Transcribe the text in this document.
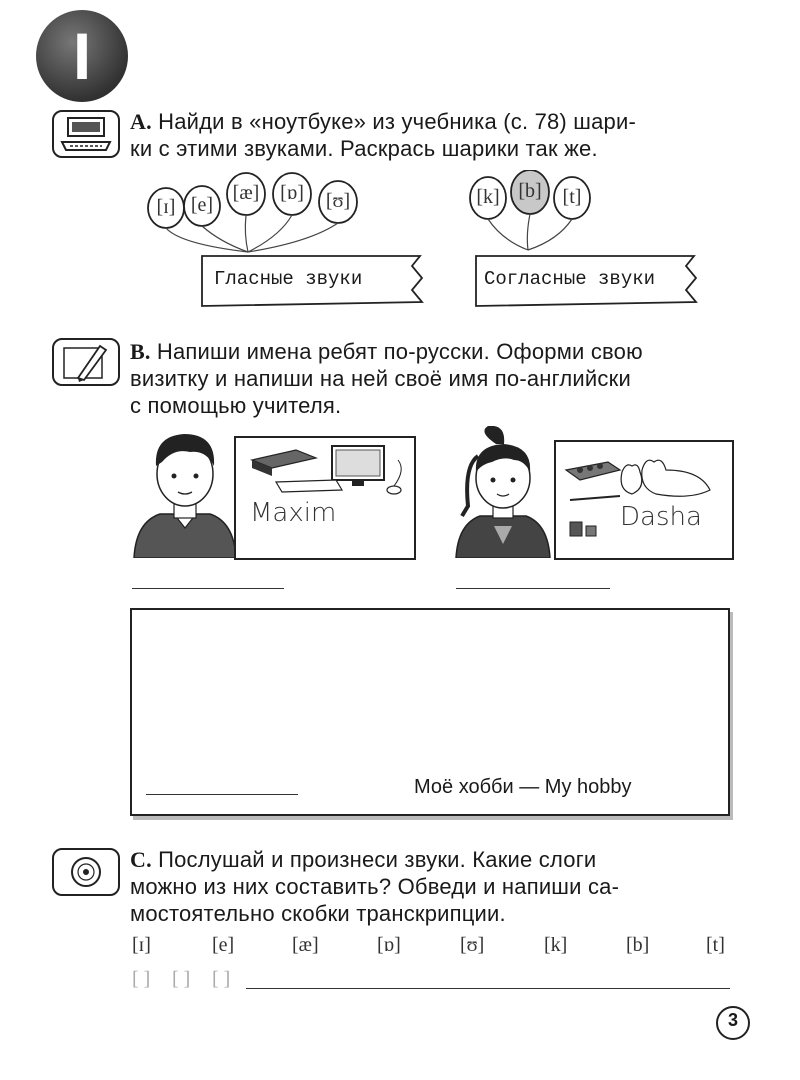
I
A. Найди в «ноутбуке» из учебника (с. 78) шари-
ки с этими звуками. Раскрась шарики так же.
[ɪ] [e]
[æ] [ɒ] [ʊ]
Гласные звуки
[k] [b] [t]
Согласные звуки
B. Напиши имена ребят по-русски. Оформи свою
визитку и напиши на ней своё имя по-английски
с помощью учителя.
Maxim	Dasha
Моё хобби — My hobby
C. Послушай и произнеси звуки. Какие слоги
можно из них составить? Обведи и напиши са-
мостоятельно скобки транскрипции.
[ɪ]	[e]	[æ]	[ɒ]	[ʊ]	[k]	[b]	[t]
[ ] [ ] [ ]
3
